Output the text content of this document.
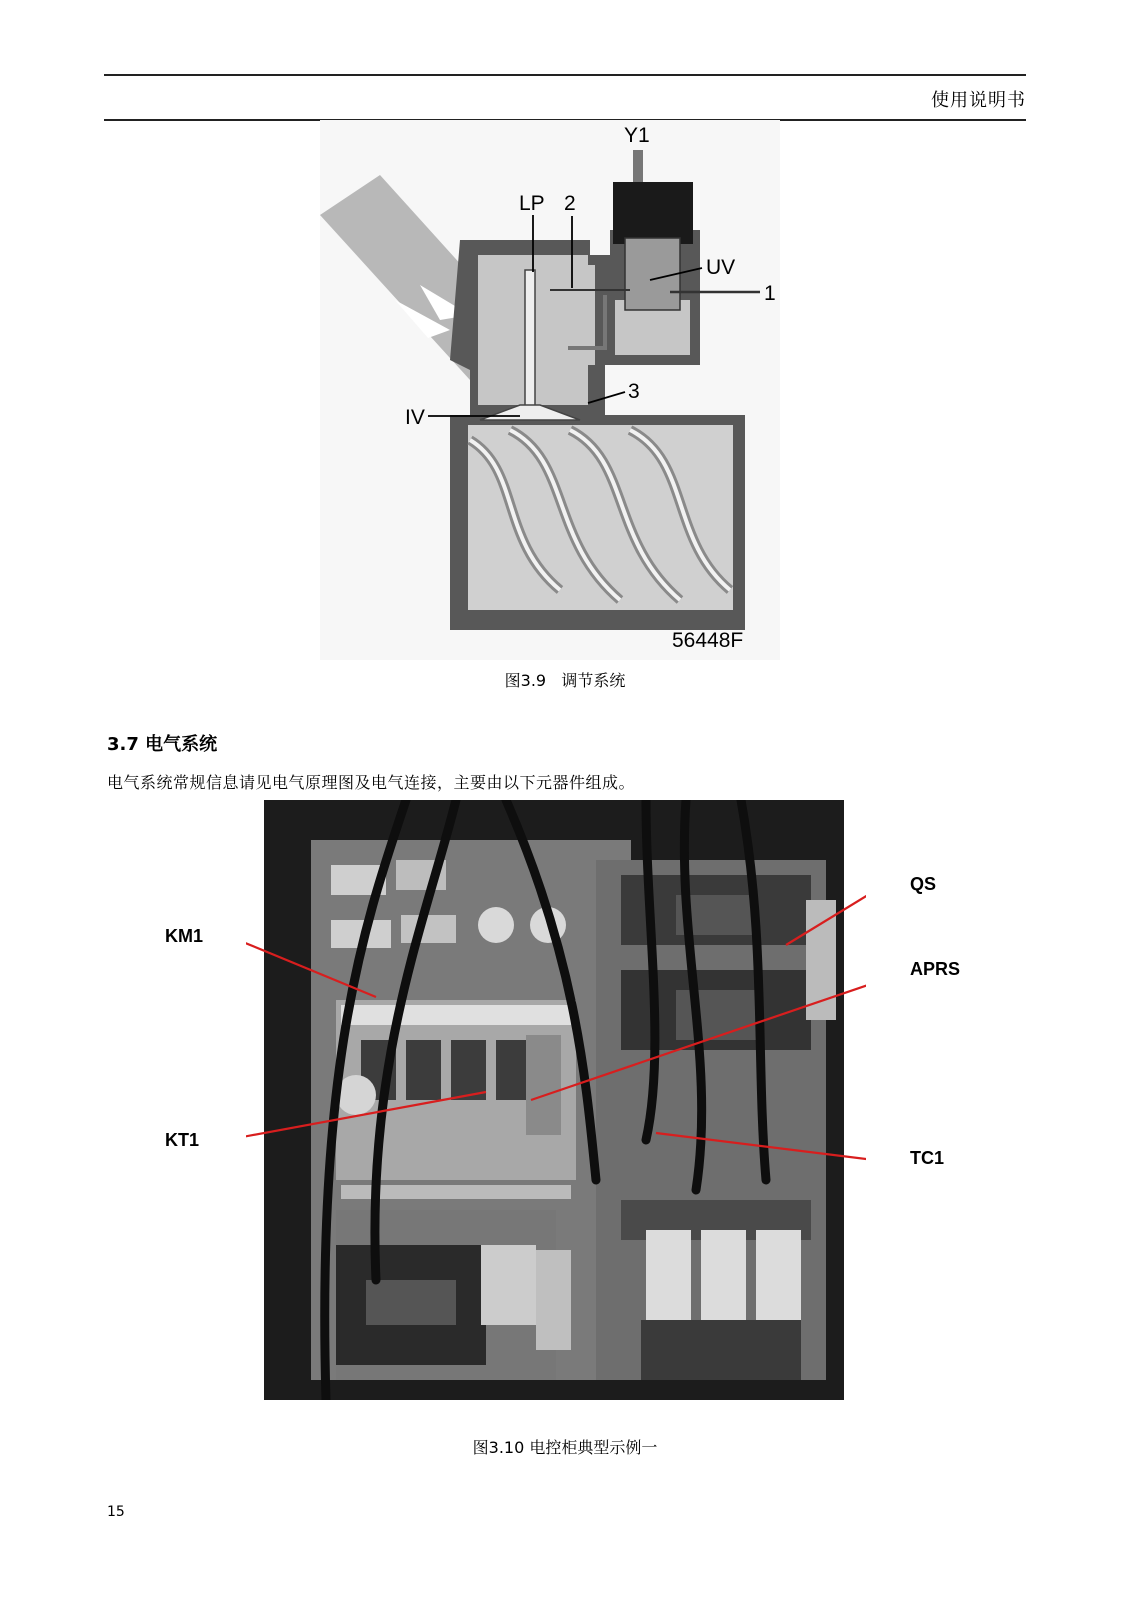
使用说明书
LP 2
Y1
UV
1
3
IV
56448F
图3.9   调节系统
3.7 电气系统
电气系统常规信息请见电气原理图及电气连接，主要由以下元器件组成。
KM1
KT1
QS
APRS
TC1
图3.10 电控柜典型示例一
15
